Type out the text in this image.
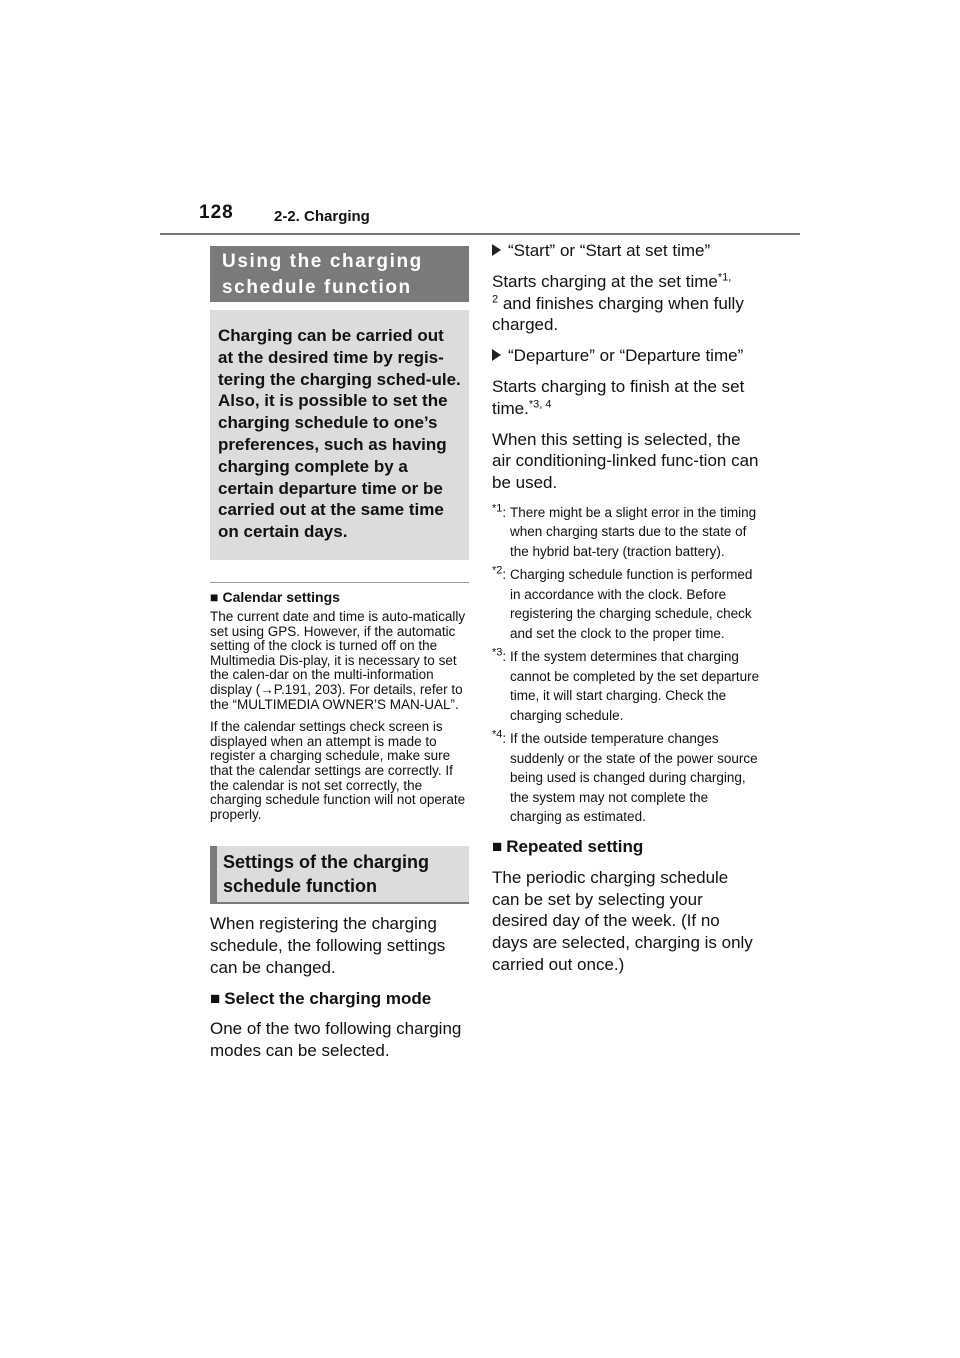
128	2-2. Charging
Using the charging schedule function
Charging can be carried out at the desired time by regis-tering the charging sched-ule. Also, it is possible to set the charging schedule to one’s preferences, such as having charging complete by a certain departure time or be carried out at the same time on certain days.
■ Calendar settings
The current date and time is auto-matically set using GPS. However, if the automatic setting of the clock is turned off on the Multimedia Dis-play, it is necessary to set the calen-dar on the multi-information display (→P.191, 203). For details, refer to the “MULTIMEDIA OWNER’S MAN-UAL”.
If the calendar settings check screen is displayed when an attempt is made to register a charging schedule, make sure that the calendar settings are correctly. If the calendar is not set correctly, the charging schedule function will not operate properly.
Settings of the charging schedule function
When registering the charging schedule, the following settings can be changed.
■ Select the charging mode
One of the two following charging modes can be selected.
“Start” or “Start at set time”
Starts charging at the set time$^{*1,}$
$^2$ and finishes charging when fully charged.
“Departure” or “Departure time”
Starts charging to finish at the set time.$^{*3, 4}$
When this setting is selected, the air conditioning-linked func-tion can be used.
$^{*1}$: There might be a slight error in the timing when charging starts due to the state of the hybrid bat-tery (traction battery).
$^{*2}$: Charging schedule function is performed in accordance with the clock. Before registering the charging schedule, check and set the clock to the proper time.
$^{*3}$: If the system determines that charging cannot be completed by the set departure time, it will start charging. Check the charging schedule.
$^{*4}$: If the outside temperature changes suddenly or the state of the power source being used is changed during charging, the system may not complete the charging as estimated.
■ Repeated setting
The periodic charging schedule can be set by selecting your desired day of the week. (If no days are selected, charging is only carried out once.)
